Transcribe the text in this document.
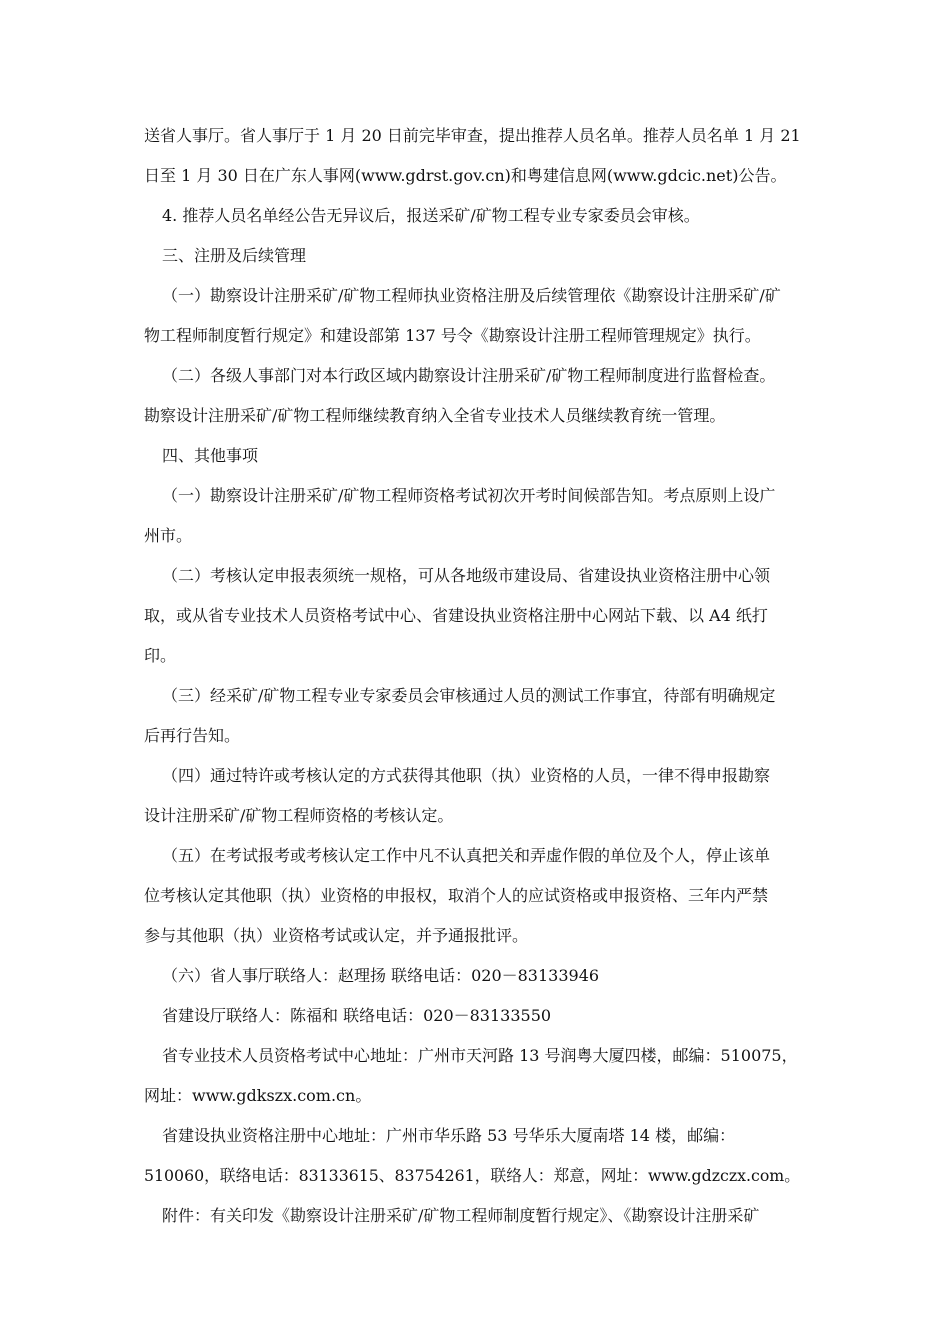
送省人事厅。省人事厅于 1 月 20 日前完毕审查，提出推荐人员名单。推荐人员名单 1 月 21
日至 1 月 30 日在广东人事网(www.gdrst.gov.cn)和粤建信息网(www.gdcic.net)公告。
4. 推荐人员名单经公告无异议后，报送采矿/矿物工程专业专家委员会审核。
三、注册及后续管理
（一）勘察设计注册采矿/矿物工程师执业资格注册及后续管理依《勘察设计注册采矿/矿
物工程师制度暂行规定》和建设部第 137 号令《勘察设计注册工程师管理规定》执行。
（二）各级人事部门对本行政区域内勘察设计注册采矿/矿物工程师制度进行监督检查。
勘察设计注册采矿/矿物工程师继续教育纳入全省专业技术人员继续教育统一管理。
四、其他事项
（一）勘察设计注册采矿/矿物工程师资格考试初次开考时间候部告知。考点原则上设广
州市。
（二）考核认定申报表须统一规格，可从各地级市建设局、省建设执业资格注册中心领
取，或从省专业技术人员资格考试中心、省建设执业资格注册中心网站下载、以 A4 纸打
印。
（三）经采矿/矿物工程专业专家委员会审核通过人员的测试工作事宜，待部有明确规定
后再行告知。
（四）通过特许或考核认定的方式获得其他职（执）业资格的人员，一律不得申报勘察
设计注册采矿/矿物工程师资格的考核认定。
（五）在考试报考或考核认定工作中凡不认真把关和弄虚作假的单位及个人，停止该单
位考核认定其他职（执）业资格的申报权，取消个人的应试资格或申报资格、三年内严禁
参与其他职（执）业资格考试或认定，并予通报批评。
（六）省人事厅联络人：赵理扬 联络电话：020－83133946
省建设厅联络人：陈福和 联络电话：020－83133550
省专业技术人员资格考试中心地址：广州市天河路 13 号润粤大厦四楼，邮编：510075，
网址：www.gdkszx.com.cn。
省建设执业资格注册中心地址：广州市华乐路 53 号华乐大厦南塔 14 楼，邮编：
510060，联络电话：83133615、83754261，联络人：郑意，网址：www.gdzczx.com。
附件：有关印发《勘察设计注册采矿/矿物工程师制度暂行规定》、《勘察设计注册采矿
